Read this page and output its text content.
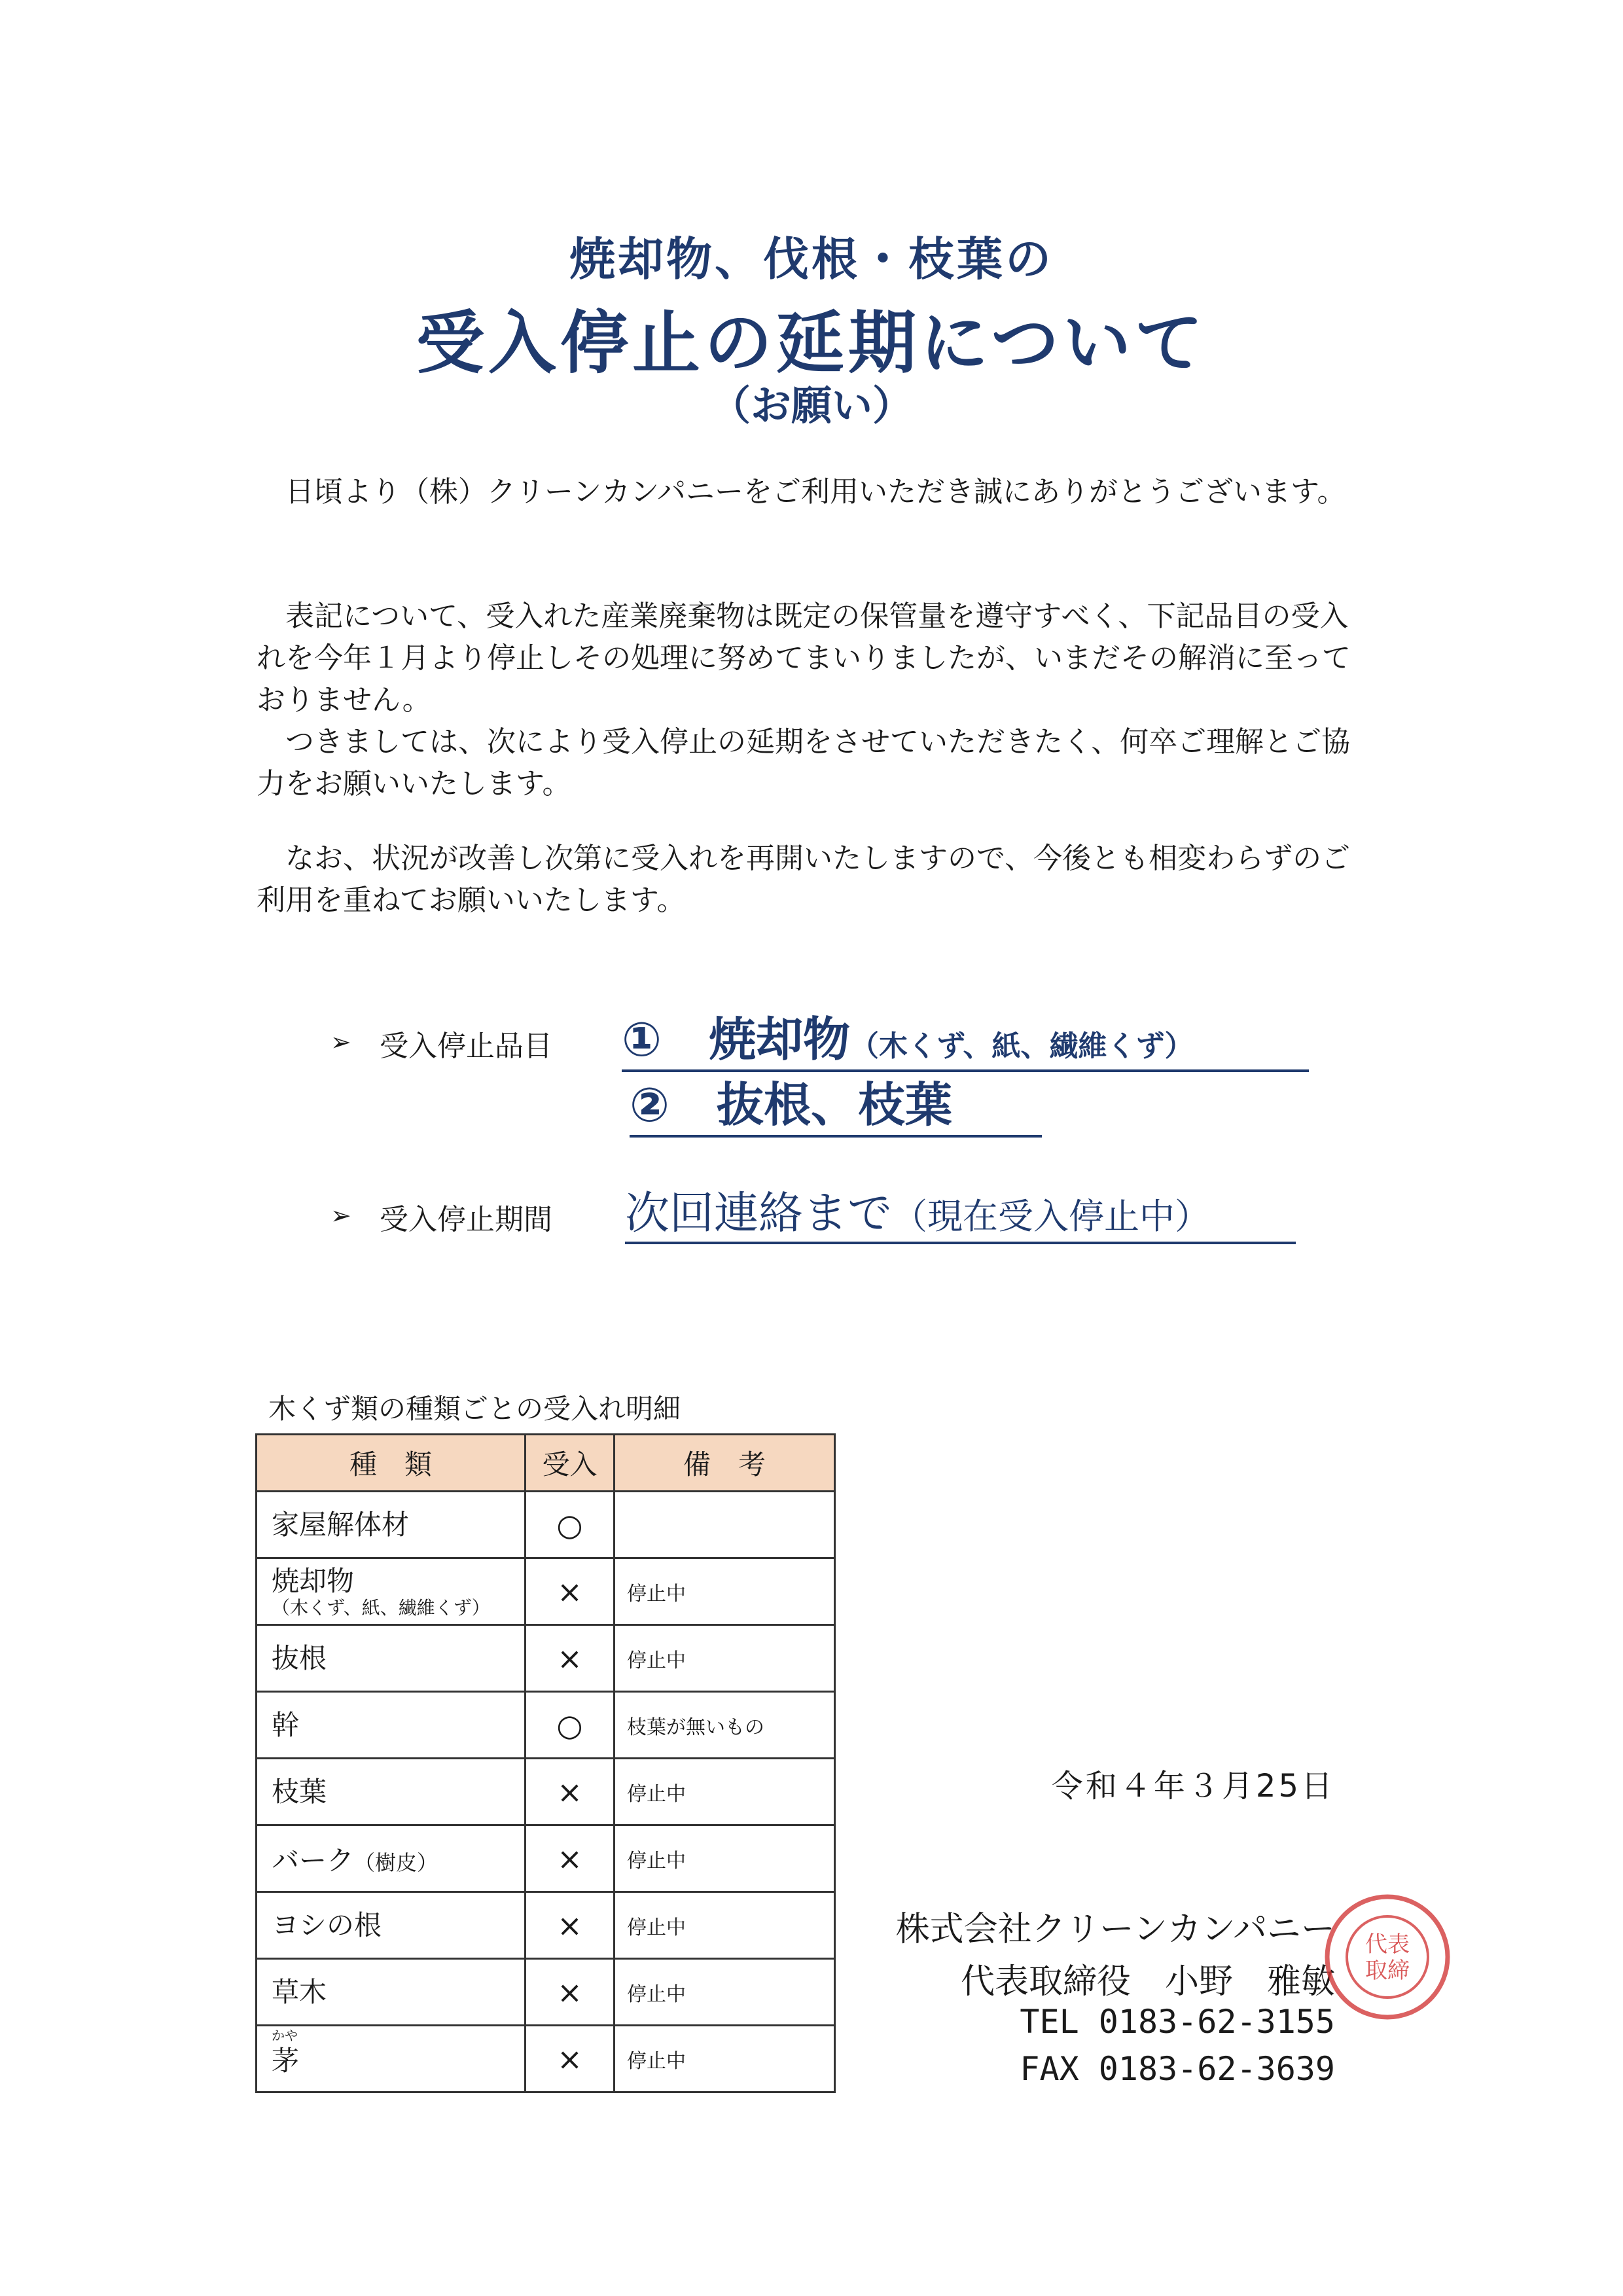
焼却物、伐根・枝葉の
受入停止の延期について
（お願い）

　日頃より（株）クリーンカンパニーをご利用いただき誠にありがとうございます。

　表記について、受入れた産業廃棄物は既定の保管量を遵守すべく、下記品目の受入れを今年１月より停止しその処理に努めてまいりましたが、いまだその解消に至っておりません。

　つきましては、次により受入停止の延期をさせていただきたく、何卒ご理解とご協力をお願いいたします。

　なお、状況が改善し次第に受入れを再開いたしますので、今後とも相変わらずのご利用を重ねてお願いいたします。

➢ 受入停止品目 ①　 焼却物（木くず、紙、繊維くず）
②　 抜根、枝葉
➢ 受入停止期間 次回連絡まで（現在受入停止中）
木くず類の種類ごとの受入れ明細
種　類	受入	備　考

家屋解体材	○	

焼却物
（木くず、紙、繊維くず）	×	停止中

抜根	×	停止中

幹	○	枝葉が無いもの

枝葉	×	停止中
バーク（樹皮）	×	停止中

ヨシの根	×	停止中

草木	×	停止中

かや
茅	×	停止中
令和４年３月25日
株式会社クリーンカンパニー
代表取締役　小野　雅敏
TEL 0183-62-3155
FAX 0183-62-3639
代表
取締
